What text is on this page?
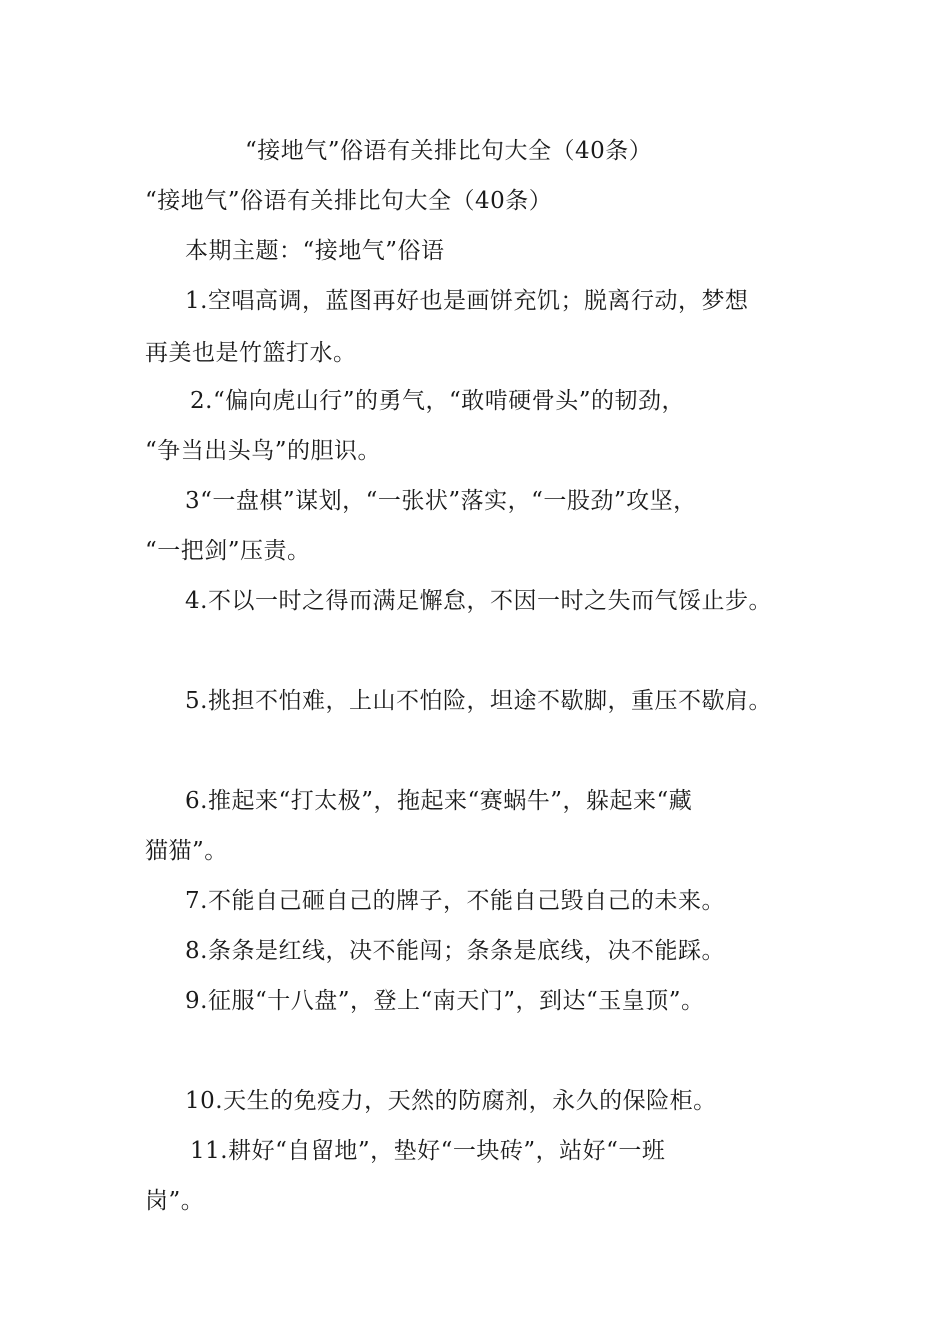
“接地气”俗语有关排比句大全（40条）
“接地气”俗语有关排比句大全（40条）
本期主题：“接地气”俗语
1.空唱高调，蓝图再好也是画饼充饥；脱离行动，梦想
再美也是竹篮打水。
2.“偏向虎山行”的勇气，“敢啃硬骨头”的韧劲，
“争当出头鸟”的胆识。
3“一盘棋”谋划，“一张状”落实，“一股劲”攻坚，
“一把剑”压责。
4.不以一时之得而满足懈怠，不因一时之失而气馁止步。
5.挑担不怕难，上山不怕险，坦途不歇脚，重压不歇肩。
6.推起来“打太极”，拖起来“赛蜗牛”，躲起来“藏
猫猫”。
7.不能自己砸自己的牌子，不能自己毁自己的未来。
8.条条是红线，决不能闯；条条是底线，决不能踩。
9.征服“十八盘”，登上“南天门”，到达“玉皇顶”。
10.天生的免疫力，天然的防腐剂，永久的保险柜。
11.耕好“自留地”，垫好“一块砖”，站好“一班
岗”。
